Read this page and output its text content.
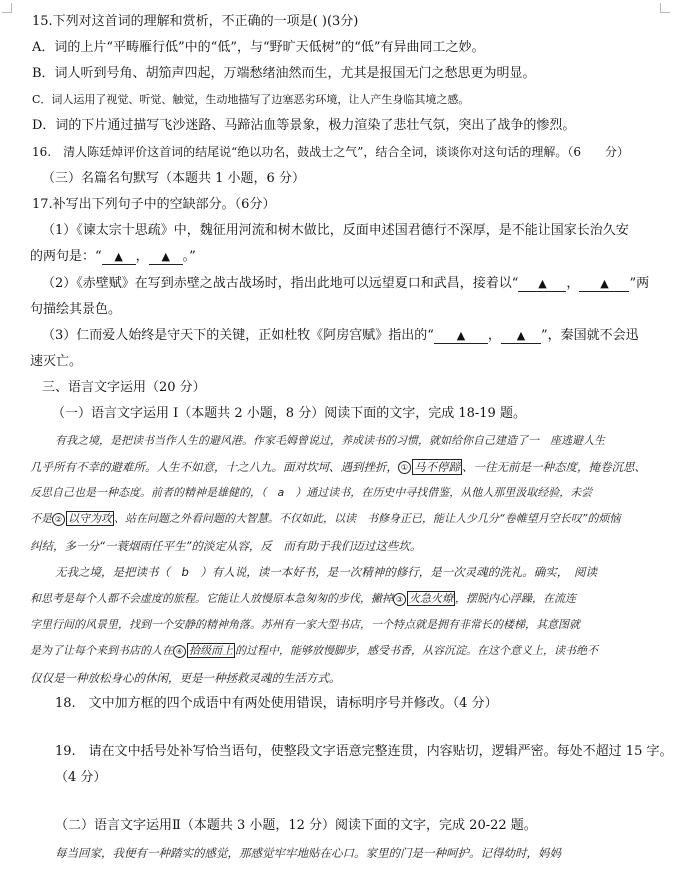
15.下列对这首词的理解和赏析，不正确的一项是( )(3分)
A．词的上片“平畴雁行低”中的“低”，与“野旷天低树”的“低”有异曲同工之妙。
B．词人听到号角、胡笳声四起，万端愁绪油然而生，尤其是报国无门之愁思更为明显。
C．词人运用了视觉、听觉、触觉，生动地描写了边塞恶劣环境，让人产生身临其境之感。
D．词的下片通过描写飞沙迷路、马蹄沾血等景象，极力渲染了悲壮气氛，突出了战争的惨烈。
16.　清人陈廷焯评价这首词的结尾说“绝以功名，鼓战士之气”，结合全词，谈谈你对这句话的理解。（6　　分）
（三）名篇名句默写（本题共 1 小题，6 分）
17.补写出下列句子中的空缺部分。（6分）
（1）《谏太宗十思疏》中，魏征用河流和树木做比，反面申述国君德行不深厚，是不能让国家长治久安
的两句是：“ ▲ ， ▲ 。”
（2）《赤壁赋》在写到赤壁之战古战场时，指出此地可以远望夏口和武昌，接着以“ ▲ ， ▲ ”两
句描绘其景色。
（3）仁而爱人始终是守天下的关键，正如杜牧《阿房宫赋》指出的“ ▲ ， ▲ ”，秦国就不会迅
速灭亡。
三、语言文字运用（20 分）
（一）语言文字运用 I（本题共 2 小题，8 分）阅读下面的文字，完成 18-19 题。
有我之境，是把读书当作人生的避风港。作家毛姆曾说过，养成读书的习惯，就如给你自己建造了一　座逃避人生
几乎所有不幸的避难所。人生不如意，十之八九。面对坎坷、遇到挫折， ① 马不停蹄 、一往无前是一种态度，掩卷沉思、
反思自己也是一种态度。前者的精神是雄健的，（　a　）通过读书，在历史中寻找借鉴，从他人那里汲取经验，未尝
不是 ② 以守为攻 、站在问题之外看问题的大智慧。不仅如此，以读　书修身正已，能让人少几分“卷帷望月空长叹”的烦恼
纠结，多一分“一蓑烟雨任平生”的淡定从容，反　而有助于我们迈过这些坎。
无我之境，是把读书（　b　）有人说，读一本好书，是一次精神的修行，是一次灵魂的洗礼。确实，　阅读
和思考是每个人都不会虚度的旅程。它能让人放慢原本急匆匆的步伐，撇掉 ③ 火急火燎 ，摆脱内心浮躁，在流连
字里行间的风景里，找到一个安静的精神角落。苏州有一家大型书店，一个特点就是拥有非常长的楼梯，其意图就
是为了让每个来到书店的人在 ④ 拾级而上 的过程中，能够放慢脚步，感受书香，从容沉淀。在这个意义上，读书绝不
仅仅是一种放松身心的休闲，更是一种拯救灵魂的生活方式。
18.　文中加方框的四个成语中有两处使用错误，请标明序号并修改。（4 分）
19.　请在文中括号处补写恰当语句，使整段文字语意完整连贯，内容贴切，逻辑严密。每处不超过 15 字。
（4 分）
（二）语言文字运用Ⅱ（本题共 3 小题，12 分）阅读下面的文字，完成 20-22 题。
每当回家，我便有一种踏实的感觉，那感觉牢牢地贴在心口。家里的门是一种呵护。记得幼时，妈妈
